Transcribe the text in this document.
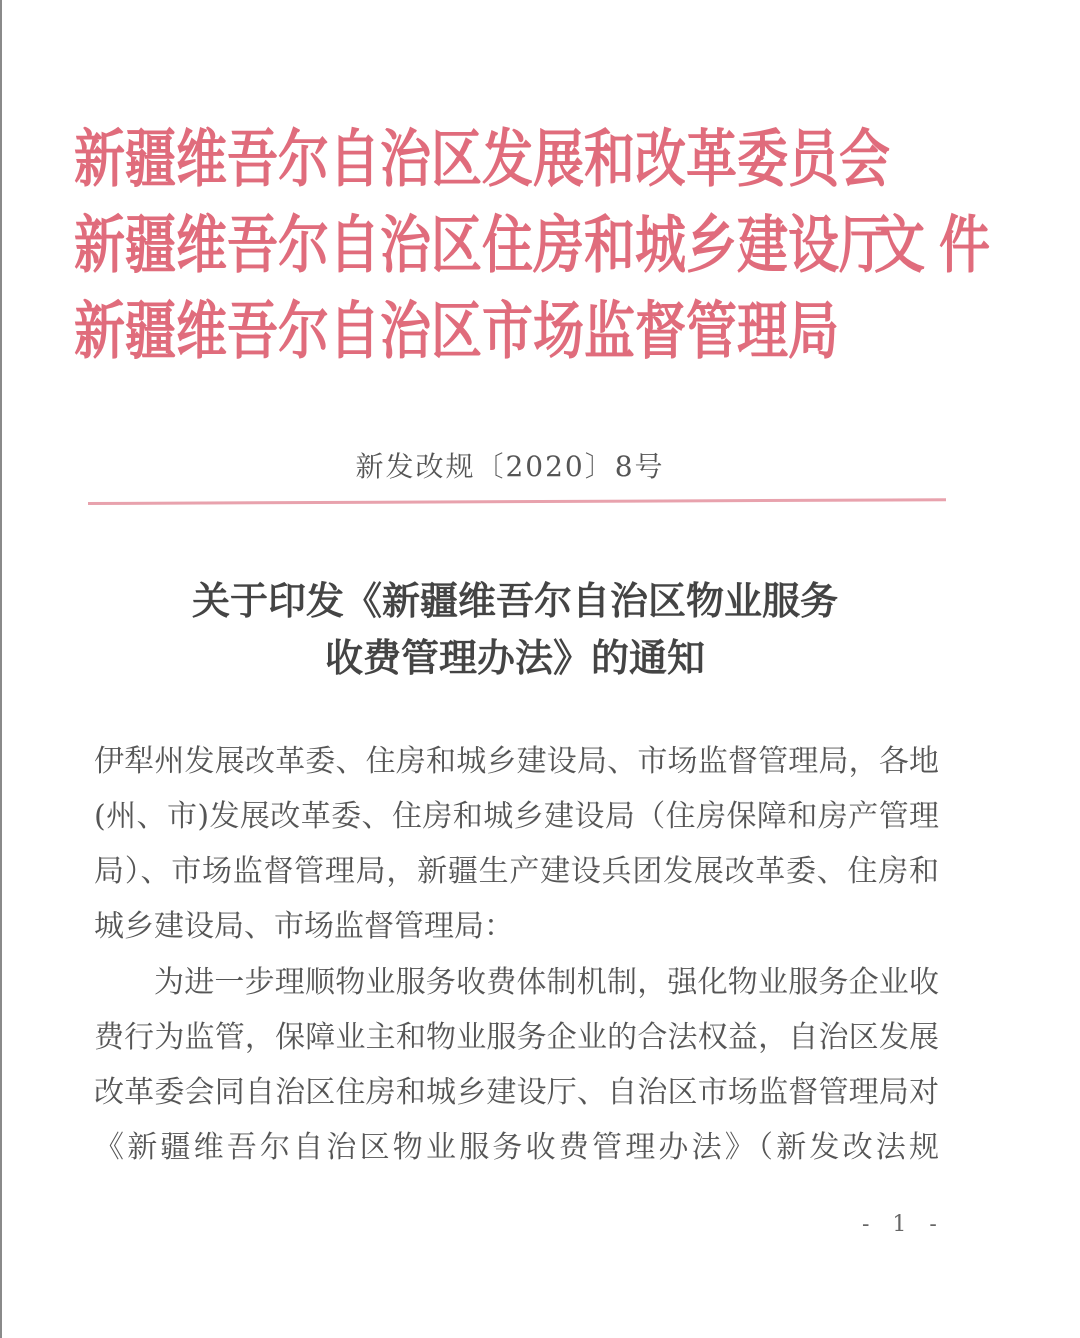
新疆维吾尔自治区发展和改革委员会
新疆维吾尔自治区住房和城乡建设厅
文件
新疆维吾尔自治区市场监督管理局
新发改规〔2020〕8号
关于印发《新疆维吾尔自治区物业服务
收费管理办法》的通知
伊犁州发展改革委、住房和城乡建设局、市场监督管理局，各地
(州、市)发展改革委、住房和城乡建设局（住房保障和房产管理
局）、市场监督管理局，新疆生产建设兵团发展改革委、住房和
城乡建设局、市场监督管理局：
为进一步理顺物业服务收费体制机制，强化物业服务企业收
费行为监管，保障业主和物业服务企业的合法权益，自治区发展
改革委会同自治区住房和城乡建设厅、自治区市场监督管理局对
《新疆维吾尔自治区物业服务收费管理办法》（新发改法规
- 1 -
